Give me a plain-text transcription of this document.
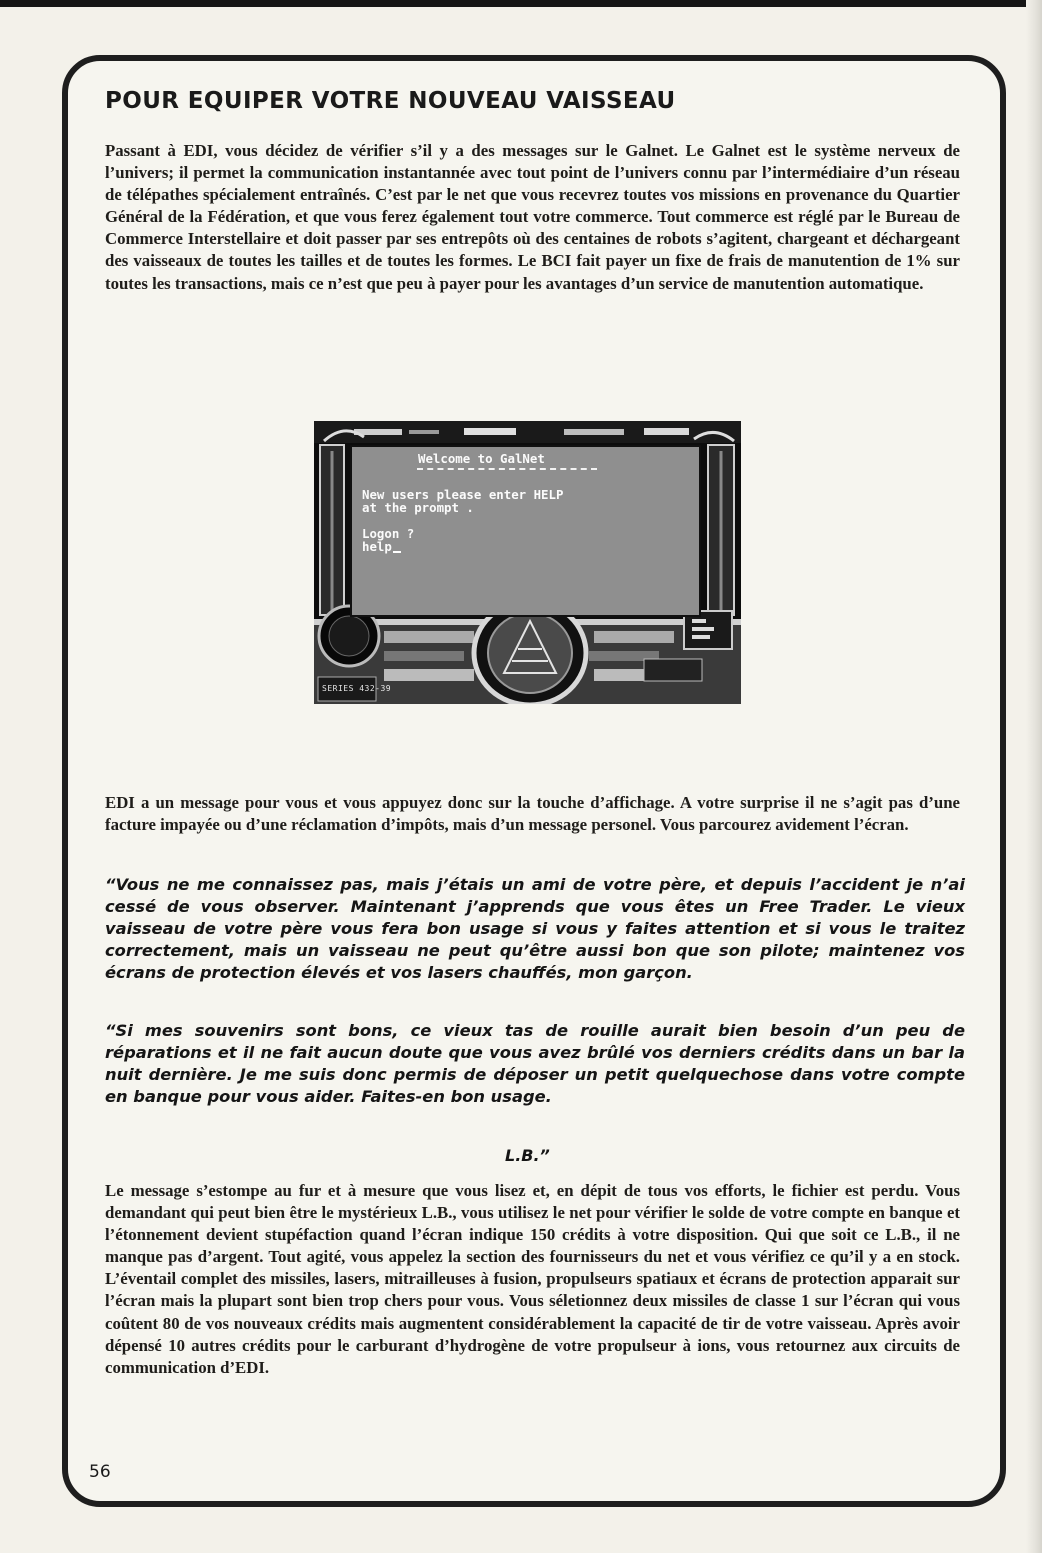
POUR EQUIPER VOTRE NOUVEAU VAISSEAU

Passant à EDI, vous décidez de vérifier s’il y a des messages sur le Galnet. Le Galnet est le système nerveux de l’univers; il permet la communication instantannée avec tout point de l’univers connu par l’intermédiaire d’un réseau de télépathes spécialement entraînés. C’est par le net que vous recevrez toutes vos missions en provenance du Quartier Général de la Fédération, et que vous ferez également tout votre commerce. Tout commerce est réglé par le Bureau de Commerce Interstellaire et doit passer par ses entrepôts où des centaines de robots s’agitent, chargeant et déchargeant des vaisseaux de toutes les tailles et de toutes les formes. Le BCI fait payer un fixe de frais de manutention de 1% sur toutes les transactions, mais ce n’est que peu à payer pour les avantages d’un service de manutention automatique.

Welcome to GalNet

New users please enter HELP

at the prompt .

Logon ?

help

SERIES 432-39

EDI a un message pour vous et vous appuyez donc sur la touche d’affichage. A votre surprise il ne s’agit pas d’une facture impayée ou d’une réclamation d’impôts, mais d’un message personel. Vous parcourez avidement l’écran.

“Vous ne me connaissez pas, mais j’étais un ami de votre père, et depuis l’accident je n’ai cessé de vous observer. Maintenant j’apprends que vous êtes un Free Trader. Le vieux vaisseau de votre père vous fera bon usage si vous y faites attention et si vous le traitez correctement, mais un vaisseau ne peut qu’être aussi bon que son pilote; maintenez vos écrans de protection élevés et vos lasers chauffés, mon garçon.

“Si mes souvenirs sont bons, ce vieux tas de rouille aurait bien besoin d’un peu de réparations et il ne fait aucun doute que vous avez brûlé vos derniers crédits dans un bar la nuit dernière. Je me suis donc permis de déposer un petit quelquechose dans votre compte en banque pour vous aider. Faites-en bon usage.

L.B.”

Le message s’estompe au fur et à mesure que vous lisez et, en dépit de tous vos efforts, le fichier est perdu. Vous demandant qui peut bien être le mystérieux L.B., vous utilisez le net pour vérifier le solde de votre compte en banque et l’étonnement devient stupéfaction quand l’écran indique 150 crédits à votre disposition. Qui que soit ce L.B., il ne manque pas d’argent. Tout agité, vous appelez la section des fournisseurs du net et vous vérifiez ce qu’il y a en stock. L’éventail complet des missiles, lasers, mitrailleuses à fusion, propulseurs spatiaux et écrans de protection apparait sur l’écran mais la plupart sont bien trop chers pour vous. Vous séletionnez deux missiles de classe 1 sur l’écran qui vous coûtent 80 de vos nouveaux crédits mais augmentent considérablement la capacité de tir de votre vaisseau. Après avoir dépensé 10 autres crédits pour le carburant d’hydrogène de votre propulseur à ions, vous retournez aux circuits de communication d’EDI.

56
